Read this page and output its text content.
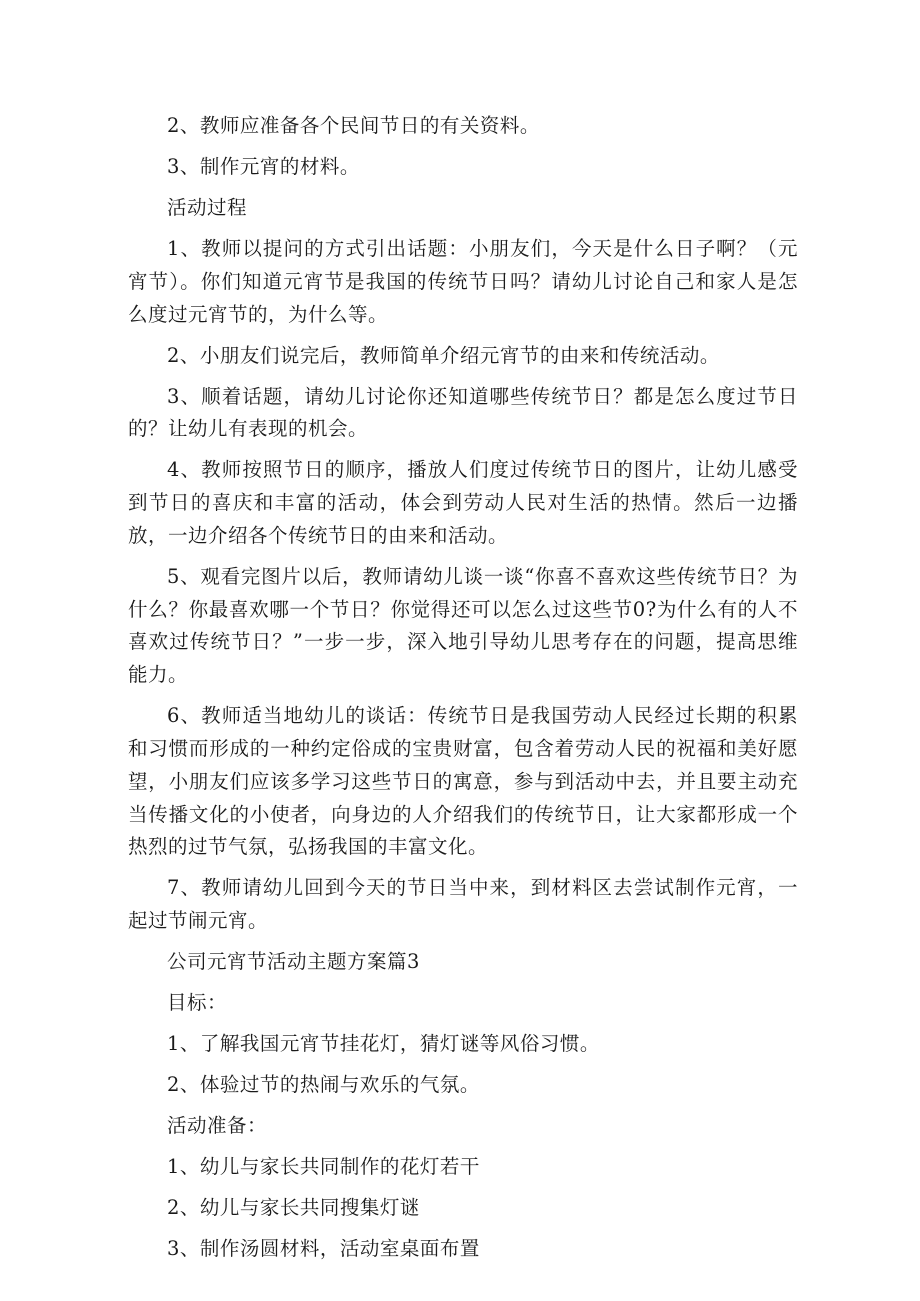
2、教师应准备各个民间节日的有关资料。

3、制作元宵的材料。

活动过程

1、教师以提问的方式引出话题：小朋友们，今天是什么日子啊？（元宵节）。你们知道元宵节是我国的传统节日吗？请幼儿讨论自己和家人是怎么度过元宵节的，为什么等。

2、小朋友们说完后，教师简单介绍元宵节的由来和传统活动。

3、顺着话题，请幼儿讨论你还知道哪些传统节日？都是怎么度过节日的？让幼儿有表现的机会。

4、教师按照节日的顺序，播放人们度过传统节日的图片，让幼儿感受到节日的喜庆和丰富的活动，体会到劳动人民对生活的热情。然后一边播放，一边介绍各个传统节日的由来和活动。

5、观看完图片以后，教师请幼儿谈一谈“你喜不喜欢这些传统节日？为什么？你最喜欢哪一个节日？你觉得还可以怎么过这些节0?为什么有的人不喜欢过传统节日？”一步一步，深入地引导幼儿思考存在的问题，提高思维能力。

6、教师适当地幼儿的谈话：传统节日是我国劳动人民经过长期的积累和习惯而形成的一种约定俗成的宝贵财富，包含着劳动人民的祝福和美好愿望，小朋友们应该多学习这些节日的寓意，参与到活动中去，并且要主动充当传播文化的小使者，向身边的人介绍我们的传统节日，让大家都形成一个热烈的过节气氛，弘扬我国的丰富文化。

7、教师请幼儿回到今天的节日当中来，到材料区去尝试制作元宵，一起过节闹元宵。

公司元宵节活动主题方案篇3

目标：

1、了解我国元宵节挂花灯，猜灯谜等风俗习惯。

2、体验过节的热闹与欢乐的气氛。

活动准备：

1、幼儿与家长共同制作的花灯若干

2、幼儿与家长共同搜集灯谜

3、制作汤圆材料，活动室桌面布置
